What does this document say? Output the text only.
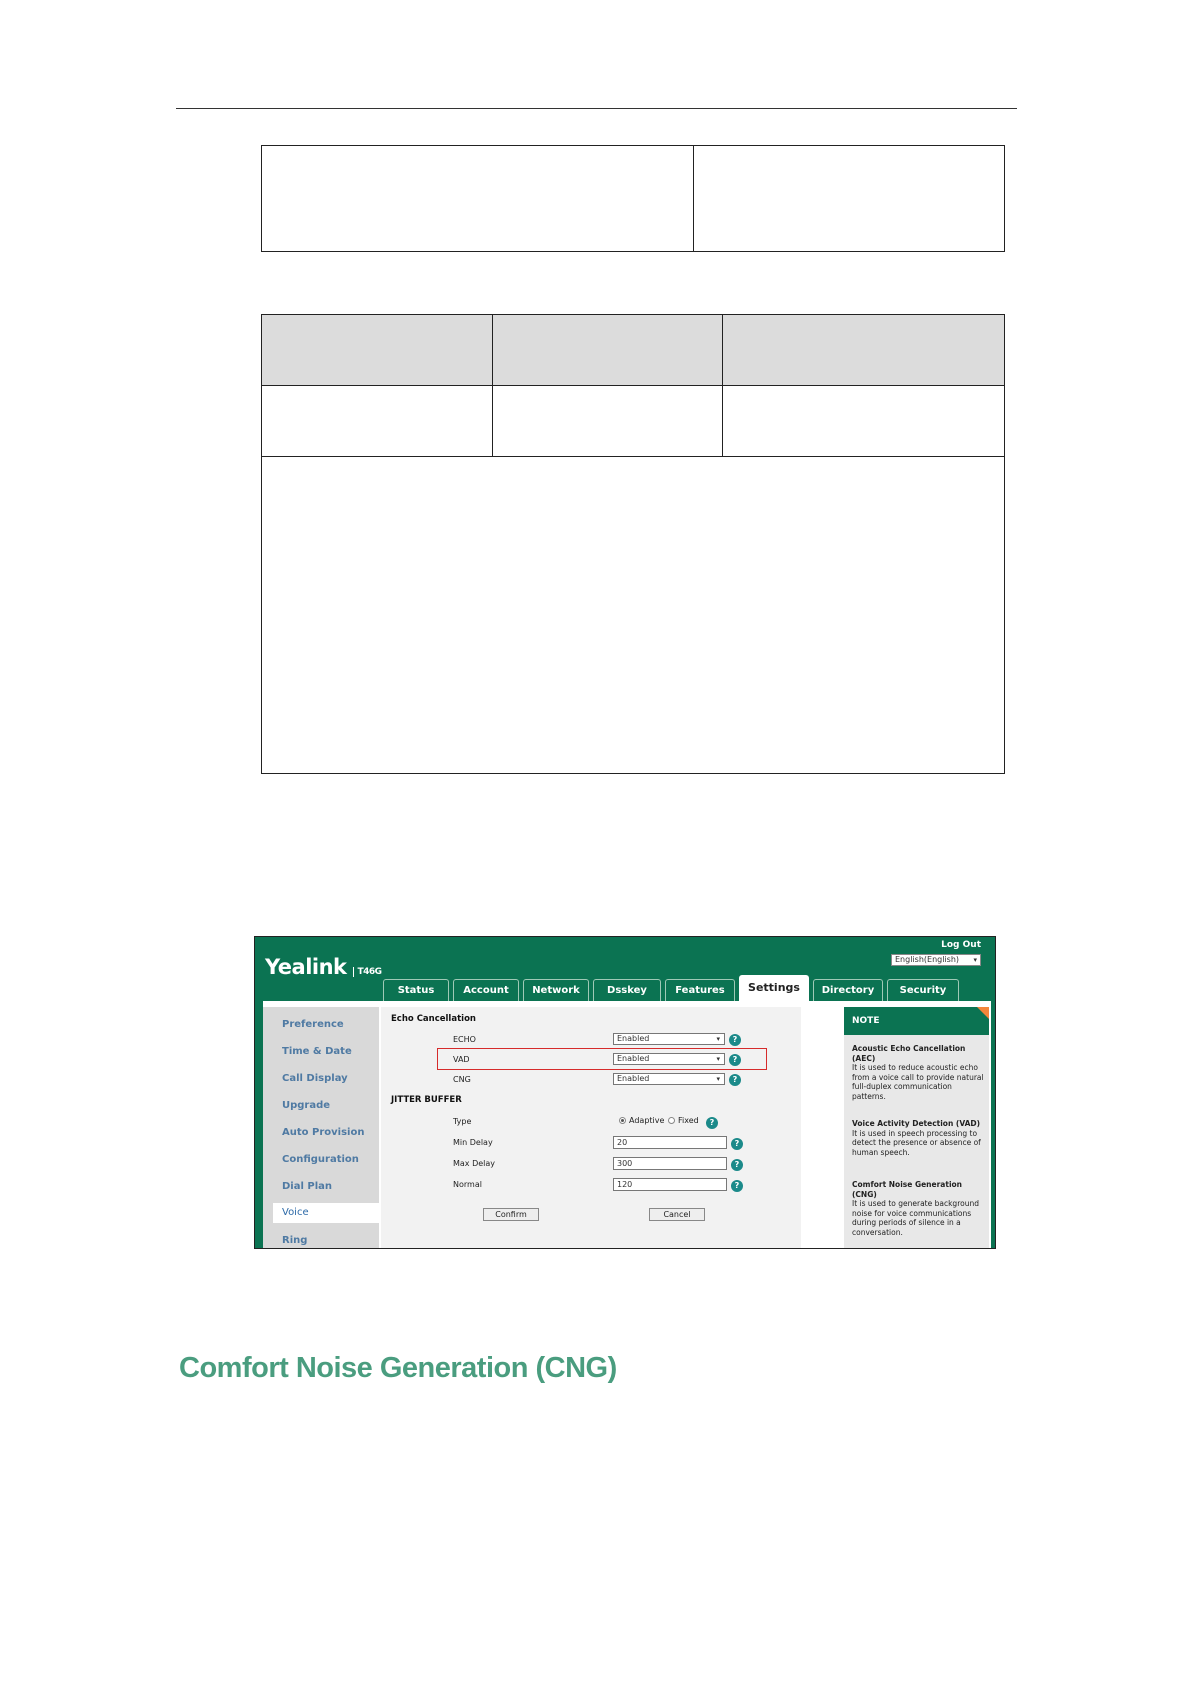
Yealink T46G
Log Out
English(English) ▾
Status	Account	Network	Dsskey	Features	Settings	Directory	Security
Preference
Time & Date
Call Display
Upgrade
Auto Provision
Configuration
Dial Plan
Voice
Ring
Echo Cancellation
ECHO	Enabled	▾	?
VAD	Enabled	▾	?
CNG	Enabled	▾	?
JITTER BUFFER
Type	Adaptive Fixed	?
Min Delay	20	?
Max Delay	300	?
Normal	120	?
Confirm	Cancel
NOTE
Acoustic Echo Cancellation (AEC)
It is used to reduce acoustic echo from a voice call to provide natural full-duplex communication patterns.
Voice Activity Detection (VAD)
It is used in speech processing to detect the presence or absence of human speech.
Comfort Noise Generation (CNG)
It is used to generate background noise for voice communications during periods of silence in a conversation.
Comfort Noise Generation (CNG)
